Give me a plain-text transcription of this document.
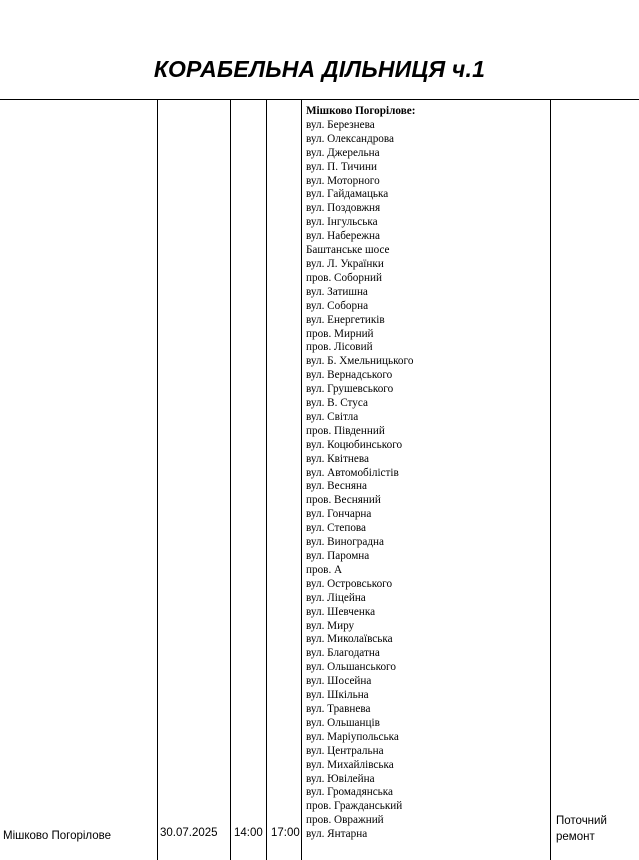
КОРАБЕЛЬНА ДІЛЬНИЦЯ ч.1
Мішково Погорілове	30.07.2025 14:00 17:00
Мішково Погорілове:
вул. Березнева
вул. Олександрова
вул. Джерельна
вул. П. Тичини
вул. Моторного
вул. Гайдамацька
вул. Поздовжня
вул. Інгульська
вул. Набережна
Баштанське шосе
вул. Л. Українки
пров. Соборний
вул. Затишна
вул. Соборна
вул. Енергетиків
пров. Мирний
пров. Лісовий
вул. Б. Хмельницького
вул. Вернадського
вул. Грушевського
вул. В. Стуса
вул. Світла
пров. Південний
вул. Коцюбинського
вул. Квітнева
вул. Автомобілістів
вул. Весняна
пров. Весняний
вул. Гончарна
вул. Степова
вул. Виноградна
вул. Паромна
пров. А
вул. Островського
вул. Ліцейна
вул. Шевченка
вул. Миру
вул. Миколаївська
вул. Благодатна
вул. Ольшанського
вул. Шосейна
вул. Шкільна
вул. Травнева
вул. Ольшанців
вул. Маріупольська
вул. Центральна
вул. Михайлівська
вул. Ювілейна
вул. Громадянська
пров. Гражданський
пров. Овражний
вул. Янтарна
Поточний
ремонт
